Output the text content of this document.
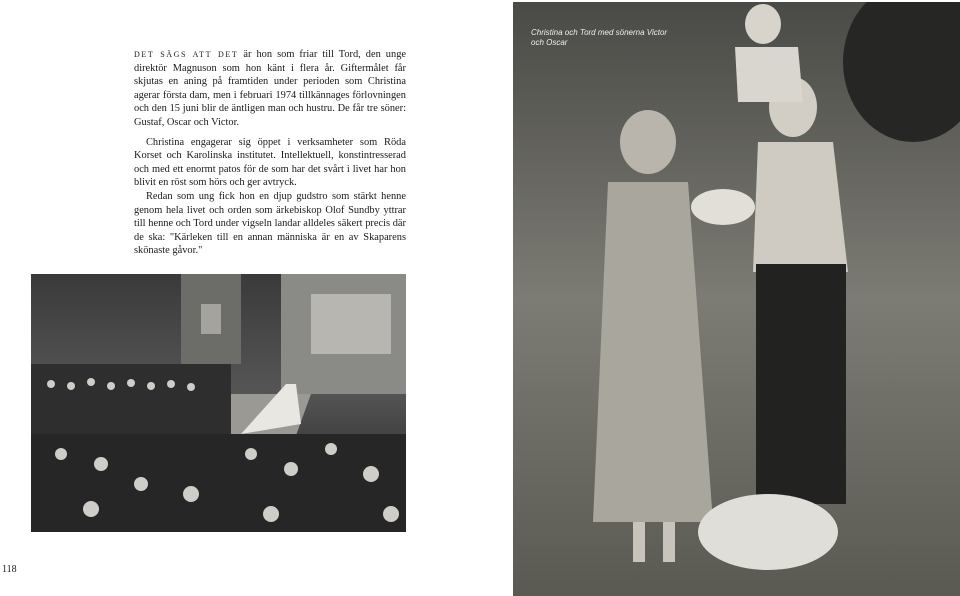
DET SÄGS ATT DET är hon som friar till Tord, den unge direktör Magnuson som hon känt i flera år. Giftermålet får skjutas en aning på framtiden under perioden som Christina agerar första dam, men i februari 1974 tillkännages förlovningen och den 15 juni blir de äntligen man och hustru. De får tre söner: Gustaf, Oscar och Victor.

Christina engagerar sig öppet i verksamheter som Röda Korset och Karolinska institutet. Intellektuell, konstintresserad och med ett enormt patos för de som har det svårt i livet har hon blivit en röst som hörs och ger avtryck.

Redan som ung fick hon en djup gudstro som stärkt henne genom hela livet och orden som ärkebiskop Olof Sundby yttrar till henne och Tord under vigseln landar alldeles säkert precis där de ska: "Kärleken till en annan människa är en av Skaparens skönaste gåvor."

Christina och Tord med sönerna Victor och Oscar
118
